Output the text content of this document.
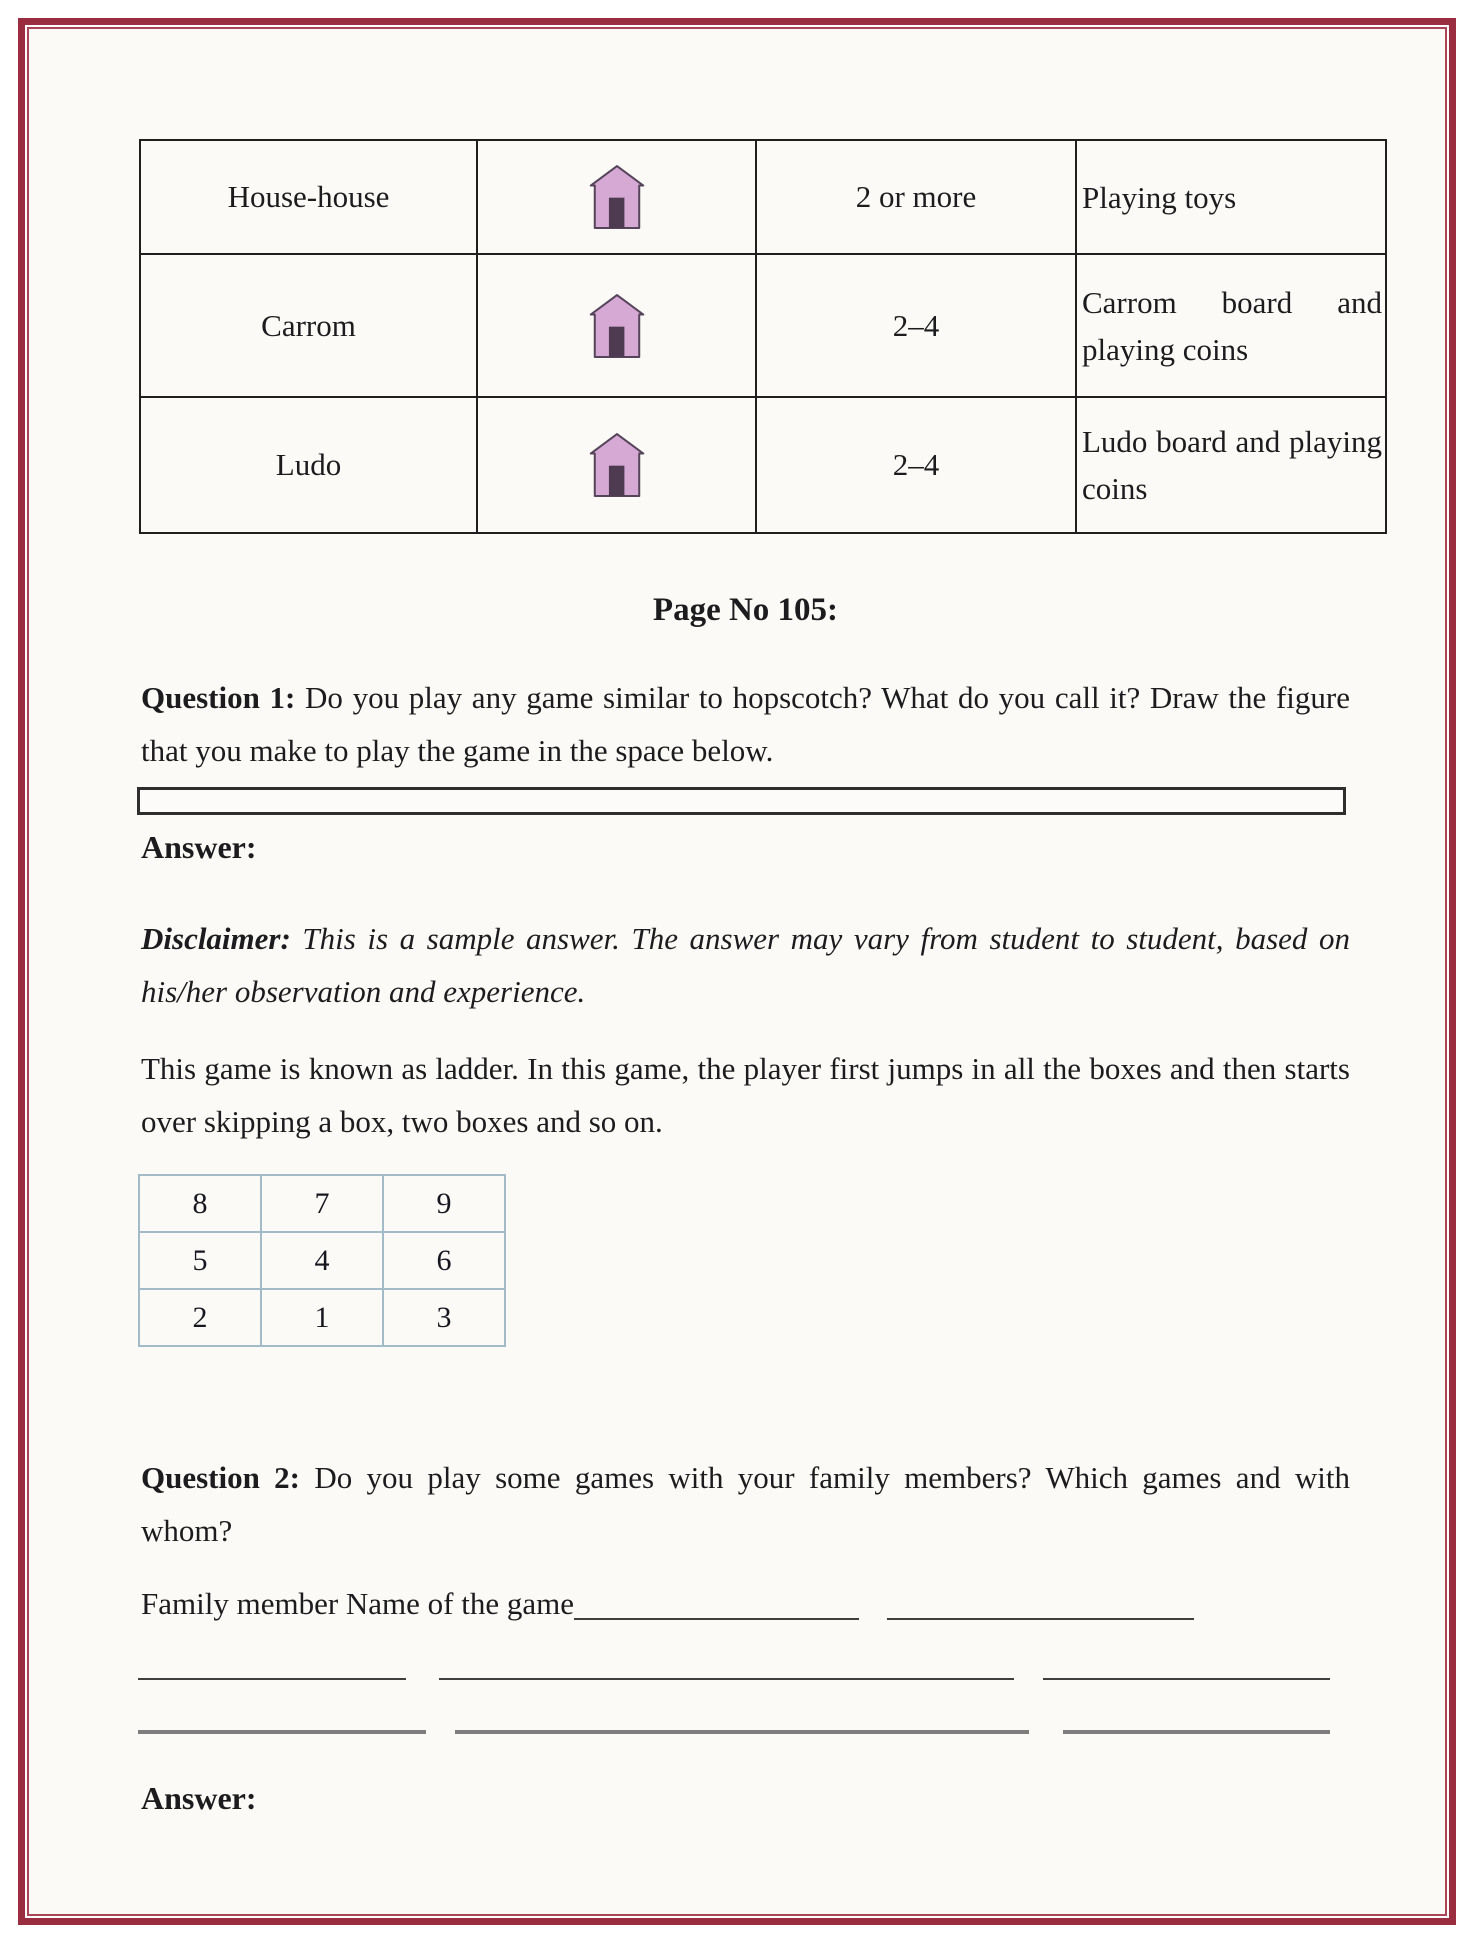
House-house		2 or more	Playing toys
Carrom		2–4	Carrom board and playing coins
Ludo		2–4	Ludo board and playing coins
Page No 105:
Question 1: Do you play any game similar to hopscotch? What do you call it? Draw the figure that you make to play the game in the space below.
Answer:
Disclaimer: This is a sample answer. The answer may vary from student to student, based on his/her observation and experience.
This game is known as ladder. In this game, the player first jumps in all the boxes and then starts over skipping a box, two boxes and so on.
8	7	9
5	4	6
2	1	3
Question 2: Do you play some games with your family members? Which games and with whom?
Family member Name of the game
Answer:
